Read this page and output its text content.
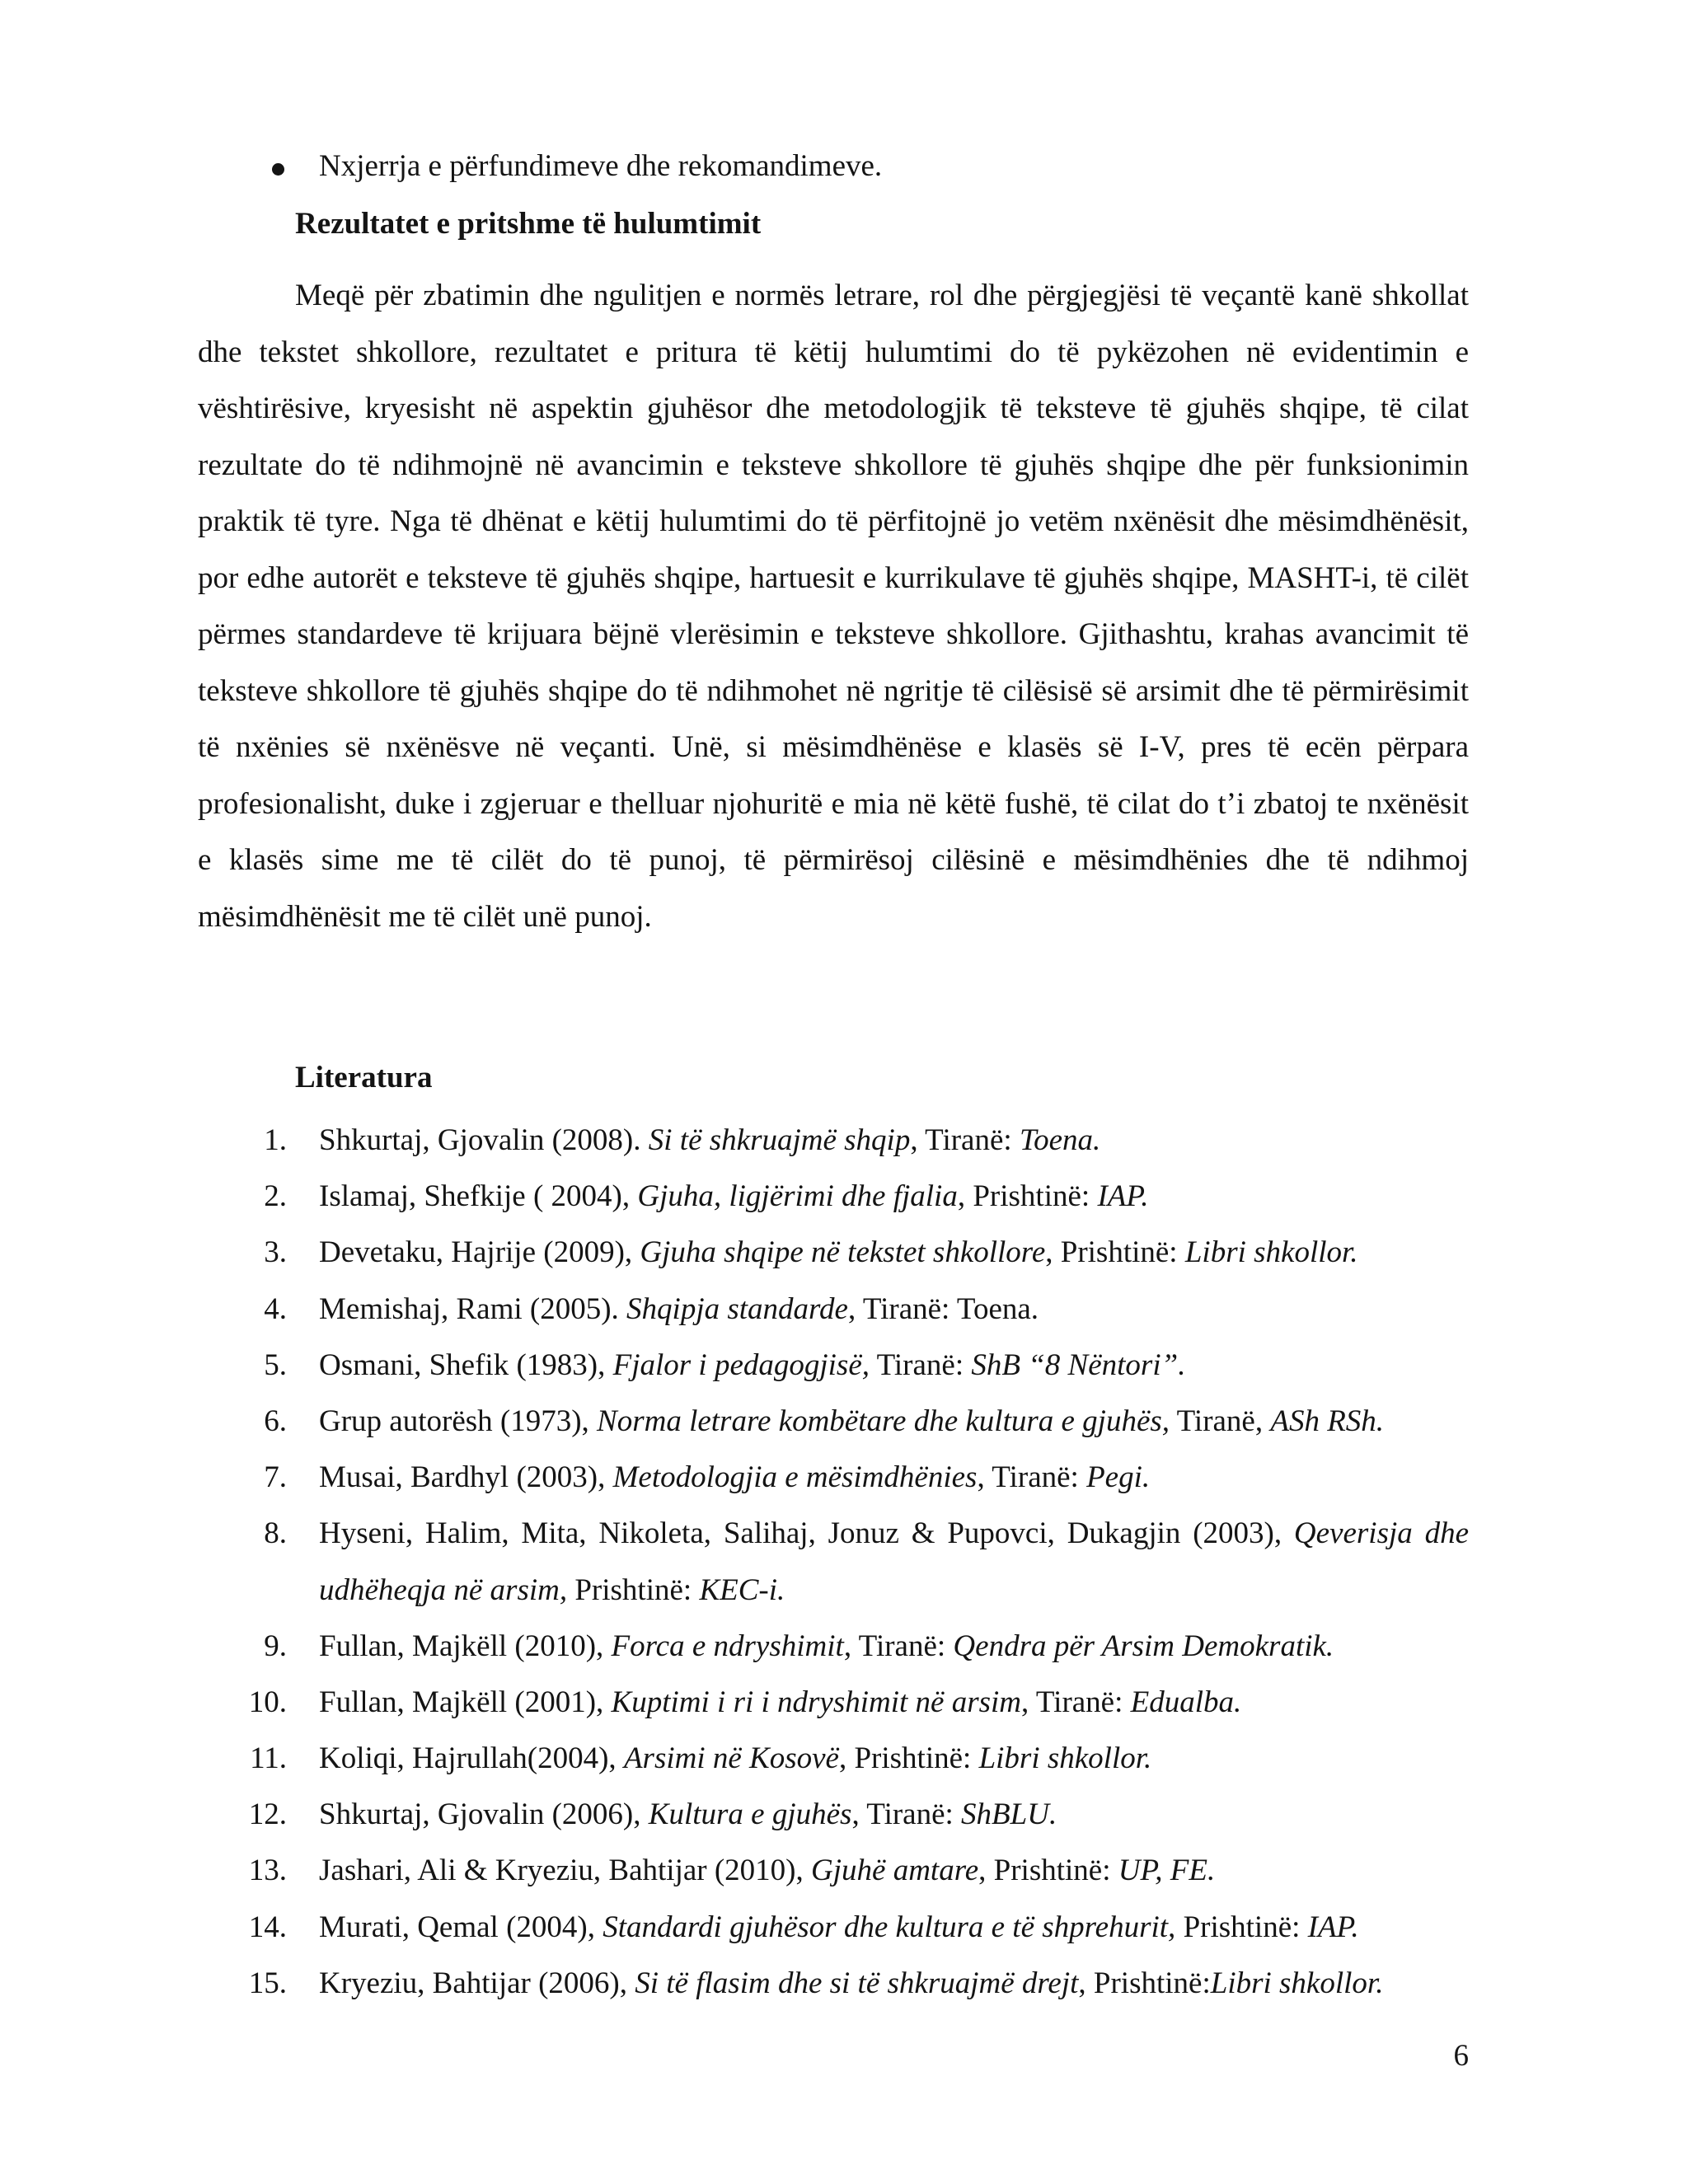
Nxjerrja e përfundimeve dhe rekomandimeve.
Rezultatet e pritshme të hulumtimit

Meqë për zbatimin dhe ngulitjen e normës letrare, rol dhe përgjegjësi të veçantë kanë shkollat dhe tekstet shkollore, rezultatet e pritura të këtij hulumtimi do të pykëzohen në evidentimin e vështirësive, kryesisht në aspektin gjuhësor dhe metodologjik të teksteve të gjuhës shqipe, të cilat rezultate do të ndihmojnë në avancimin e teksteve shkollore të gjuhës shqipe dhe për funksionimin praktik të tyre. Nga të dhënat e këtij hulumtimi do të përfitojnë jo vetëm nxënësit dhe mësimdhënësit, por edhe autorët e teksteve të gjuhës shqipe, hartuesit e kurrikulave të gjuhës shqipe, MASHT-i, të cilët përmes standardeve të krijuara bëjnë vlerësimin e teksteve shkollore. Gjithashtu, krahas avancimit të teksteve shkollore të gjuhës shqipe do të ndihmohet në ngritje të cilësisë së arsimit dhe të përmirësimit të nxënies së nxënësve në veçanti. Unë, si mësimdhënëse e klasës së I-V, pres të ecën përpara profesionalisht, duke i zgjeruar e thelluar njohuritë e mia në këtë fushë, të cilat do t’i zbatoj te nxënësit e klasës sime me të cilët do të punoj, të përmirësoj cilësinë e mësimdhënies dhe të ndihmoj mësimdhënësit me të cilët unë punoj.

Literatura
1. Shkurtaj, Gjovalin (2008). Si të shkruajmë shqip, Tiranë: Toena.
2. Islamaj, Shefkije ( 2004), Gjuha, ligjërimi dhe fjalia, Prishtinë: IAP.
3. Devetaku, Hajrije (2009), Gjuha shqipe në tekstet shkollore, Prishtinë: Libri shkollor.
4. Memishaj, Rami (2005). Shqipja standarde, Tiranë: Toena.
5. Osmani, Shefik (1983), Fjalor i pedagogjisë, Tiranë: ShB “8 Nëntori”.
6. Grup autorësh (1973), Norma letrare kombëtare dhe kultura e gjuhës, Tiranë, ASh RSh.
7. Musai, Bardhyl (2003), Metodologjia e mësimdhënies, Tiranë: Pegi.
8. Hyseni, Halim, Mita, Nikoleta, Salihaj, Jonuz & Pupovci, Dukagjin (2003), Qeverisja dhe udhëheqja në arsim, Prishtinë: KEC-i.
9. Fullan, Majkëll (2010), Forca e ndryshimit, Tiranë: Qendra për Arsim Demokratik.
10. Fullan, Majkëll (2001), Kuptimi i ri i ndryshimit në arsim, Tiranë: Edualba.
11. Koliqi, Hajrullah(2004), Arsimi në Kosovë, Prishtinë: Libri shkollor.
12. Shkurtaj, Gjovalin (2006), Kultura e gjuhës, Tiranë: ShBLU.
13. Jashari, Ali & Kryeziu, Bahtijar (2010), Gjuhë amtare, Prishtinë: UP, FE.
14. Murati, Qemal (2004), Standardi gjuhësor dhe kultura e të shprehurit, Prishtinë: IAP.
15. Kryeziu, Bahtijar (2006), Si të flasim dhe si të shkruajmë drejt, Prishtinë:Libri shkollor.
6
